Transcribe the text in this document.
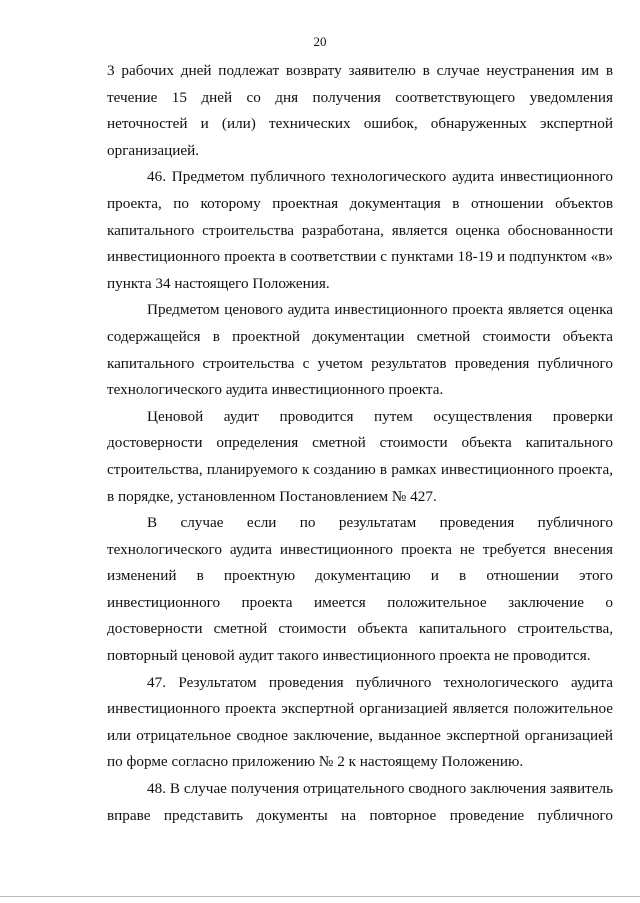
20

3 рабочих дней подлежат возврату заявителю в случае неустранения им в течение 15 дней со дня получения соответствующего уведомления неточностей и (или) технических ошибок, обнаруженных экспертной организацией.

46. Предметом публичного технологического аудита инвестиционного проекта, по которому проектная документация в отношении объектов капитального строительства разработана, является оценка обоснованности инвестиционного проекта в соответствии с пунктами 18-19 и подпунктом «в» пункта 34 настоящего Положения.

Предметом ценового аудита инвестиционного проекта является оценка содержащейся в проектной документации сметной стоимости объекта капитального строительства с учетом результатов проведения публичного технологического аудита инвестиционного проекта.

Ценовой аудит проводится путем осуществления проверки достоверности определения сметной стоимости объекта капитального строительства, планируемого к созданию в рамках инвестиционного проекта, в порядке, установленном Постановлением № 427.

В случае если по результатам проведения публичного технологического аудита инвестиционного проекта не требуется внесения изменений в проектную документацию и в отношении этого инвестиционного проекта имеется положительное заключение о достоверности сметной стоимости объекта капитального строительства, повторный ценовой аудит такого инвестиционного проекта не проводится.

47. Результатом проведения публичного технологического аудита инвестиционного проекта экспертной организацией является положительное или отрицательное сводное заключение, выданное экспертной организацией по форме согласно приложению № 2 к настоящему Положению.

48. В случае получения отрицательного сводного заключения заявитель вправе представить документы на повторное проведение публичного
